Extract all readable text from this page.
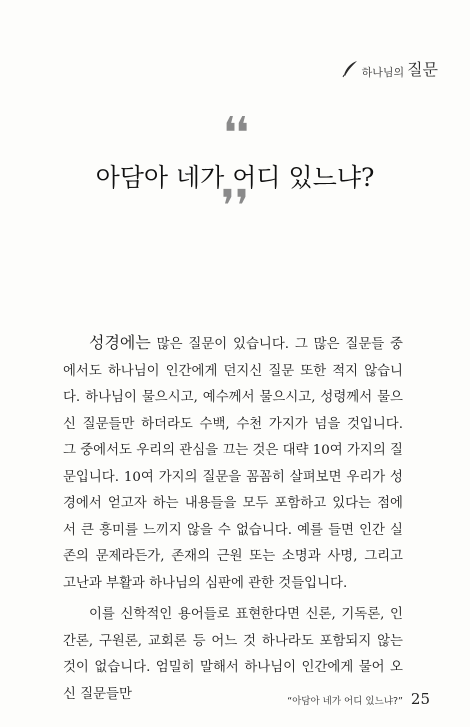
하나님의 질문
❛❛
아담아 네가 어디 있느냐?
❜❜

성경에는 많은 질문이 있습니다. 그 많은 질문들 중에서도 하나님이 인간에게 던지신 질문 또한 적지 않습니다. 하나님이 물으시고, 예수께서 물으시고, 성령께서 물으신 질문들만 하더라도 수백, 수천 가지가 넘을 것입니다. 그 중에서도 우리의 관심을 끄는 것은 대략 10여 가지의 질문입니다. 10여 가지의 질문을 꼼꼼히 살펴보면 우리가 성경에서 얻고자 하는 내용들을 모두 포함하고 있다는 점에서 큰 흥미를 느끼지 않을 수 없습니다. 예를 들면 인간 실존의 문제라든가, 존재의 근원 또는 소명과 사명, 그리고 고난과 부활과 하나님의 심판에 관한 것들입니다.

이를 신학적인 용어들로 표현한다면 신론, 기독론, 인간론, 구원론, 교회론 등 어느 것 하나라도 포함되지 않는 것이 없습니다. 엄밀히 말해서 하나님이 인간에게 물어 오신 질문들만	“아담아 네가 어디 있느냐?” 25
